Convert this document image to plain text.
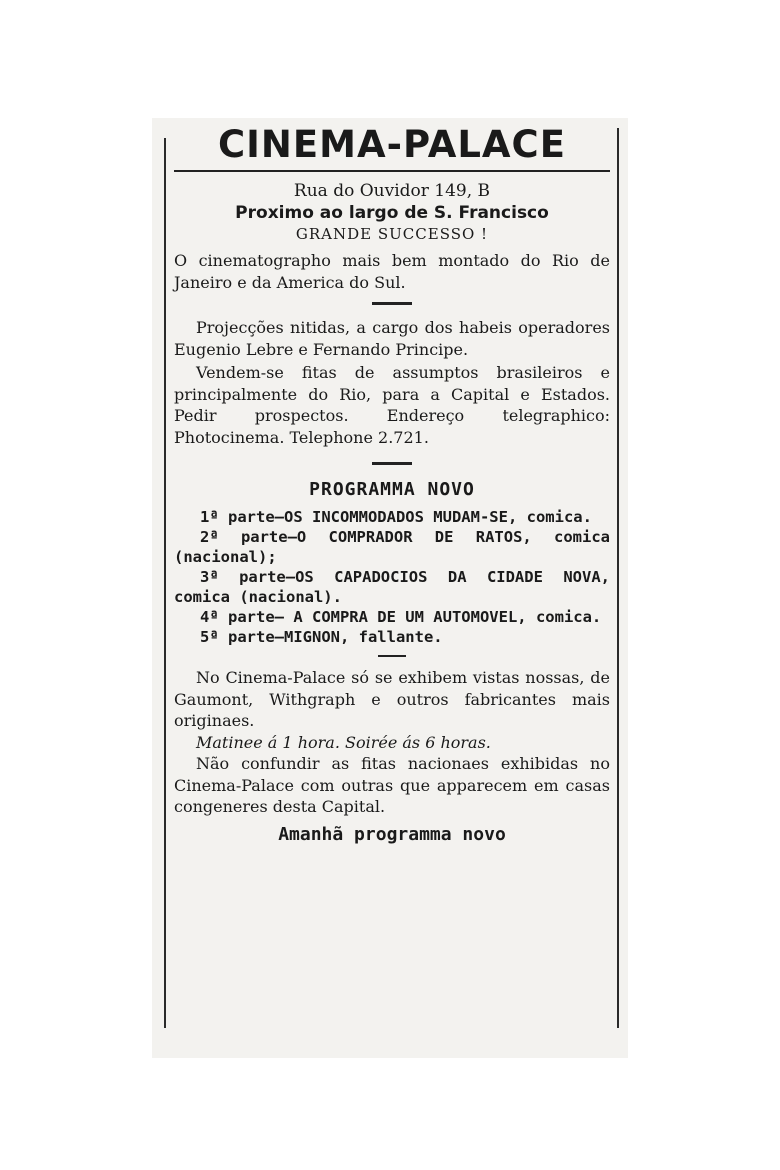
CINEMA-PALACE

Rua do Ouvidor 149, B

Proximo ao largo de S. Francisco

GRANDE SUCCESSO !

O cinematographo mais bem montado do Rio de Janeiro e da America do Sul.

Projecções nitidas, a cargo dos habeis operadores Eugenio Lebre e Fernando Principe.

Vendem-se fitas de assumptos brasileiros e principalmente do Rio, para a Capital e Estados. Pedir prospectos. Endereço telegraphico: Photocinema. Telephone 2.721.

PROGRAMMA NOVO

1ª parte—OS INCOMMODADOS MUDAM-SE, comica.

2ª parte—O COMPRADOR DE RATOS, comica (nacional);

3ª parte—OS CAPADOCIOS DA CIDADE NOVA, comica (nacional).

4ª parte— A COMPRA DE UM AUTOMOVEL, comica.

5ª parte—MIGNON, fallante.

No Cinema-Palace só se exhibem vistas nossas, de Gaumont, Withgraph e outros fabricantes mais originaes.

Matinee á 1 hora. Soirée ás 6 horas.

Não confundir as fitas nacionaes exhibidas no Cinema-Palace com outras que apparecem em casas congeneres desta Capital.

Amanhã programma novo
